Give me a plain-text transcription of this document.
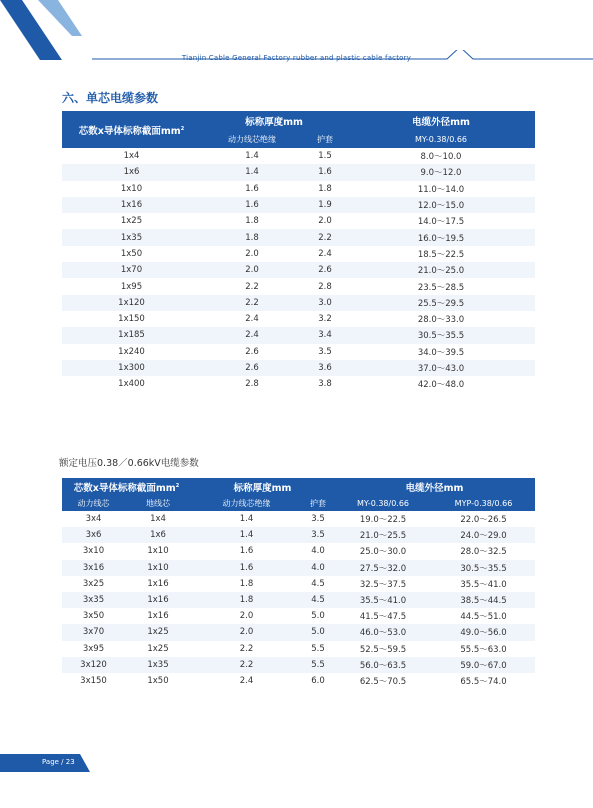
Tianjin Cable General Factory rubber and plastic cable factory
六、单芯电缆参数
芯数x导体标称截面$mm^2$	标称厚度mm		电缆外径mm
	动力线芯绝缘	护套	MY-0.38/0.66
1x4	1.4	1.5	8.0～10.0
1x6	1.4	1.6	9.0～12.0
1x10	1.6	1.8	11.0～14.0
1x16	1.6	1.9	12.0～15.0
1x25	1.8	2.0	14.0～17.5
1x35	1.8	2.2	16.0～19.5
1x50	2.0	2.4	18.5～22.5
1x70	2.0	2.6	21.0～25.0
1x95	2.2	2.8	23.5～28.5
1x120	2.2	3.0	25.5～29.5
1x150	2.4	3.2	28.0～33.0
1x185	2.4	3.4	30.5～35.5
1x240	2.6	3.5	34.0～39.5
1x300	2.6	3.6	37.0～43.0
1x400	2.8	3.8	42.0～48.0
额定电压0.38／0.66kV电缆参数
芯数x导体标称截面$mm^2$		标称厚度mm		电缆外径mm	
动力线芯	地线芯	动力线芯绝缘	护套	MY-0.38/0.66	MYP-0.38/0.66
3x4	1x4	1.4	3.5	19.0～22.5	22.0～26.5
3x6	1x6	1.4	3.5	21.0～25.5	24.0～29.0
3x10	1x10	1.6	4.0	25.0～30.0	28.0～32.5
3x16	1x10	1.6	4.0	27.5～32.0	30.5～35.5
3x25	1x16	1.8	4.5	32.5～37.5	35.5～41.0
3x35	1x16	1.8	4.5	35.5～41.0	38.5～44.5
3x50	1x16	2.0	5.0	41.5～47.5	44.5～51.0
3x70	1x25	2.0	5.0	46.0～53.0	49.0～56.0
3x95	1x25	2.2	5.5	52.5～59.5	55.5～63.0
3x120	1x35	2.2	5.5	56.0～63.5	59.0～67.0
3x150	1x50	2.4	6.0	62.5～70.5	65.5～74.0
Page / 23
